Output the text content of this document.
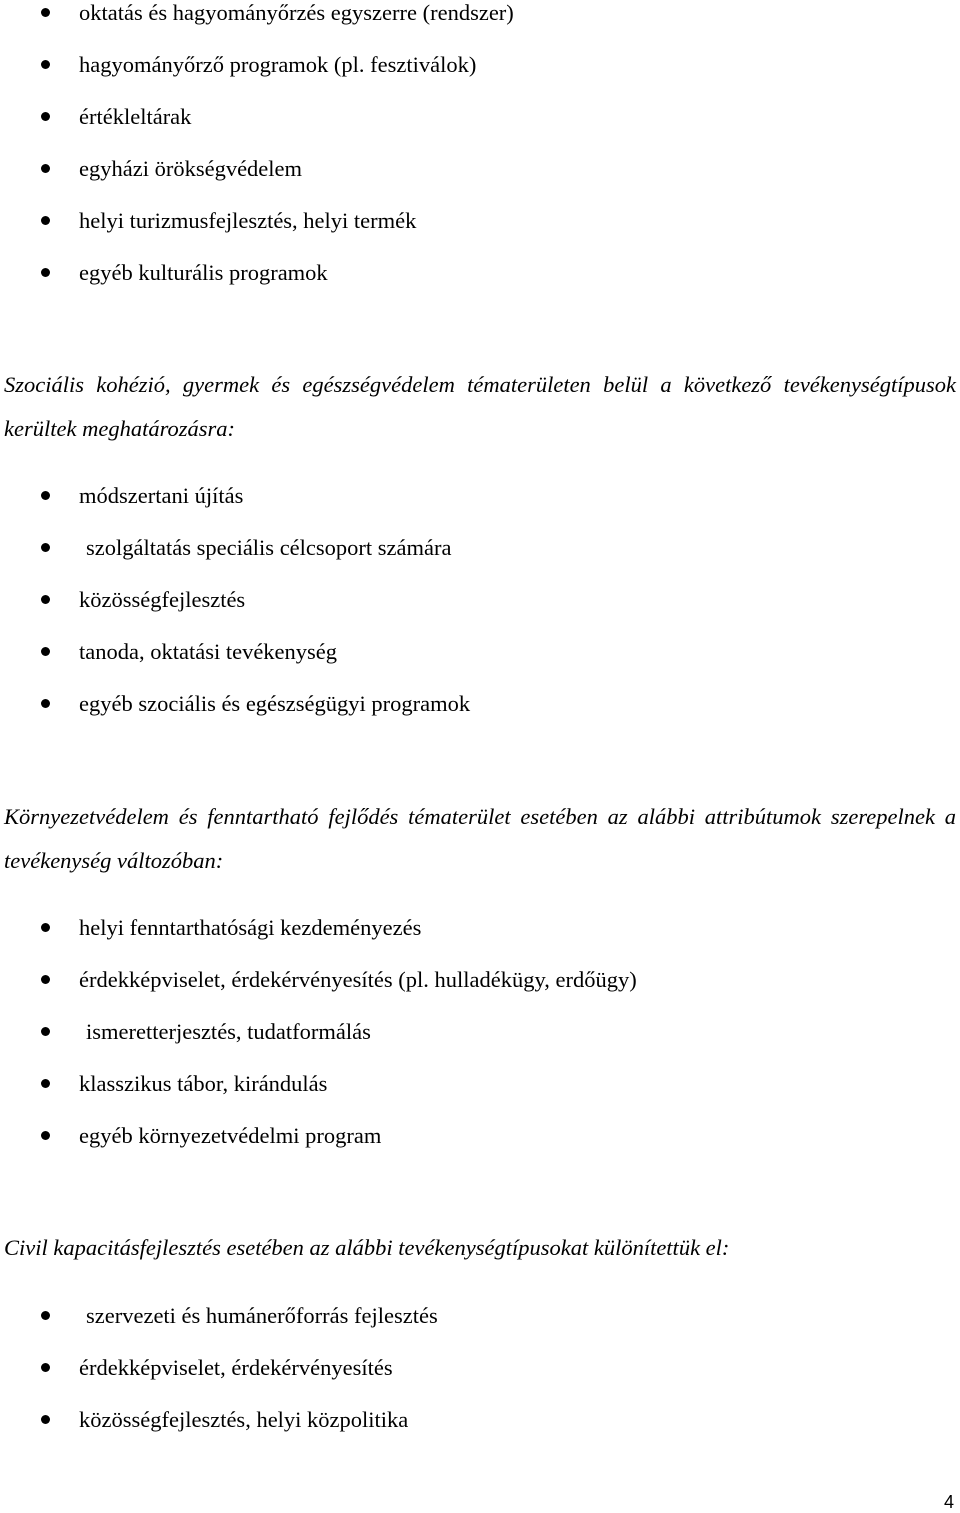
oktatás és hagyományőrzés egyszerre (rendszer)
hagyományőrző programok (pl. fesztiválok)
értékleltárak
egyházi örökségvédelem
helyi turizmusfejlesztés, helyi termék
egyéb kulturális programok

Szociális kohézió, gyermek és egészségvédelem tématerületen belül a következő tevékenységtípusok kerültek meghatározásra:

módszertani újítás
szolgáltatás speciális célcsoport számára
közösségfejlesztés
tanoda, oktatási tevékenység
egyéb szociális és egészségügyi programok

Környezetvédelem és fenntartható fejlődés tématerület esetében az alábbi attribútumok szerepelnek a tevékenység változóban:

helyi fenntarthatósági kezdeményezés
érdekképviselet, érdekérvényesítés (pl. hulladékügy, erdőügy)
ismeretterjesztés, tudatformálás
klasszikus tábor, kirándulás
egyéb környezetvédelmi program

Civil kapacitásfejlesztés esetében az alábbi tevékenységtípusokat különítettük el:

szervezeti és humánerőforrás fejlesztés
érdekképviselet, érdekérvényesítés
közösségfejlesztés, helyi közpolitika
4
